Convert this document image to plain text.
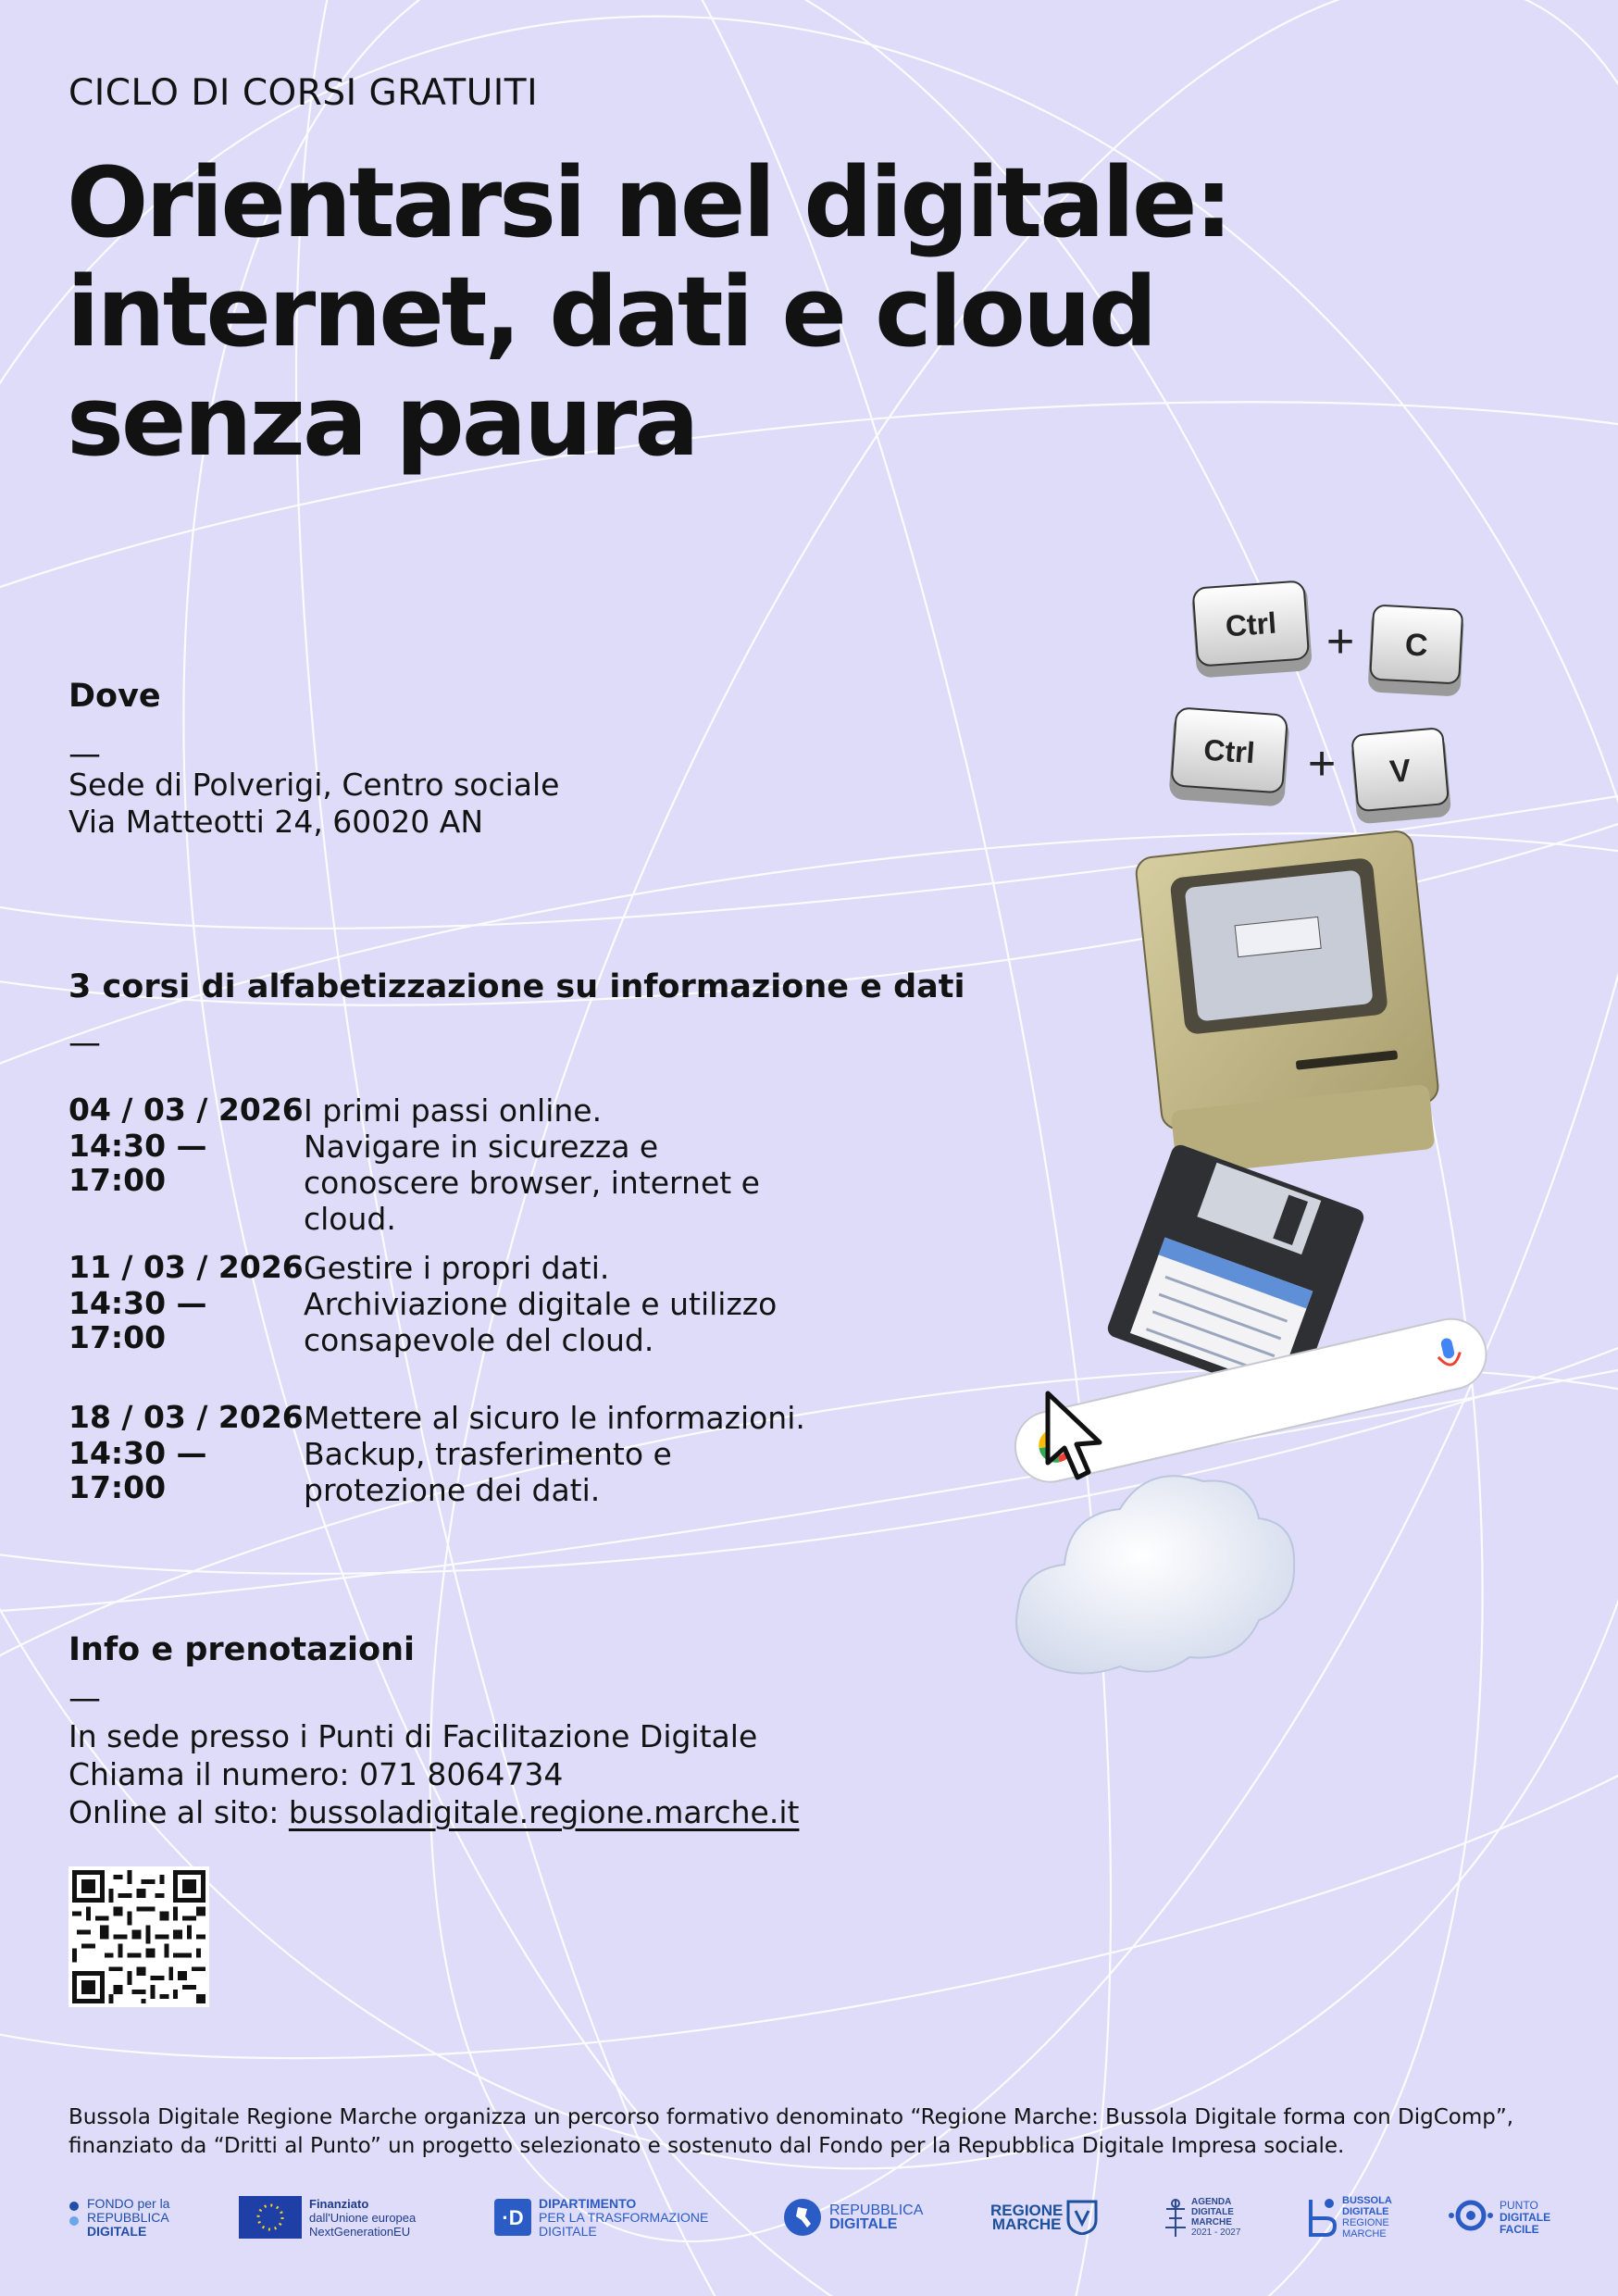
CICLO DI CORSI GRATUITI
Orientarsi nel digitale:
internet, dati e cloud
senza paura
Dove
—
Sede di Polverigi, Centro sociale
Via Matteotti 24, 60020 AN
3 corsi di alfabetizzazione su informazione e dati
—
04 / 03 / 2026
14:30 — 17:00
I primi passi online.
Navigare in sicurezza e conoscere browser, internet e cloud.
11 / 03 / 2026
14:30 — 17:00
Gestire i propri dati.
Archiviazione digitale e utilizzo consapevole del cloud.
18 / 03 / 2026
14:30 — 17:00
Mettere al sicuro le informazioni.
Backup, trasferimento e protezione dei dati.
Info e prenotazioni
—
In sede presso i Punti di Facilitazione Digitale
Chiama il numero: 071 8064734
Online al sito: bussoladigitale.regione.marche.it
Ctrl + C
Ctrl + V
Bussola Digitale Regione Marche organizza un percorso formativo denominato “Regione Marche: Bussola Digitale forma con DigComp”, finanziato da “Dritti al Punto” un progetto selezionato e sostenuto dal Fondo per la Repubblica Digitale Impresa sociale.
FONDO per la
REPUBBLICA
DIGITALE
Finanziato
dall'Unione europea
NextGenerationEU
·D
DIPARTIMENTO
PER LA TRASFORMAZIONE
DIGITALE
REPUBBLICA
DIGITALE
REGIONE
MARCHE
AGENDA
DIGITALE
MARCHE
2021 - 2027
BUSSOLA
DIGITALE
REGIONE
MARCHE
PUNTO
DIGITALE
FACILE
